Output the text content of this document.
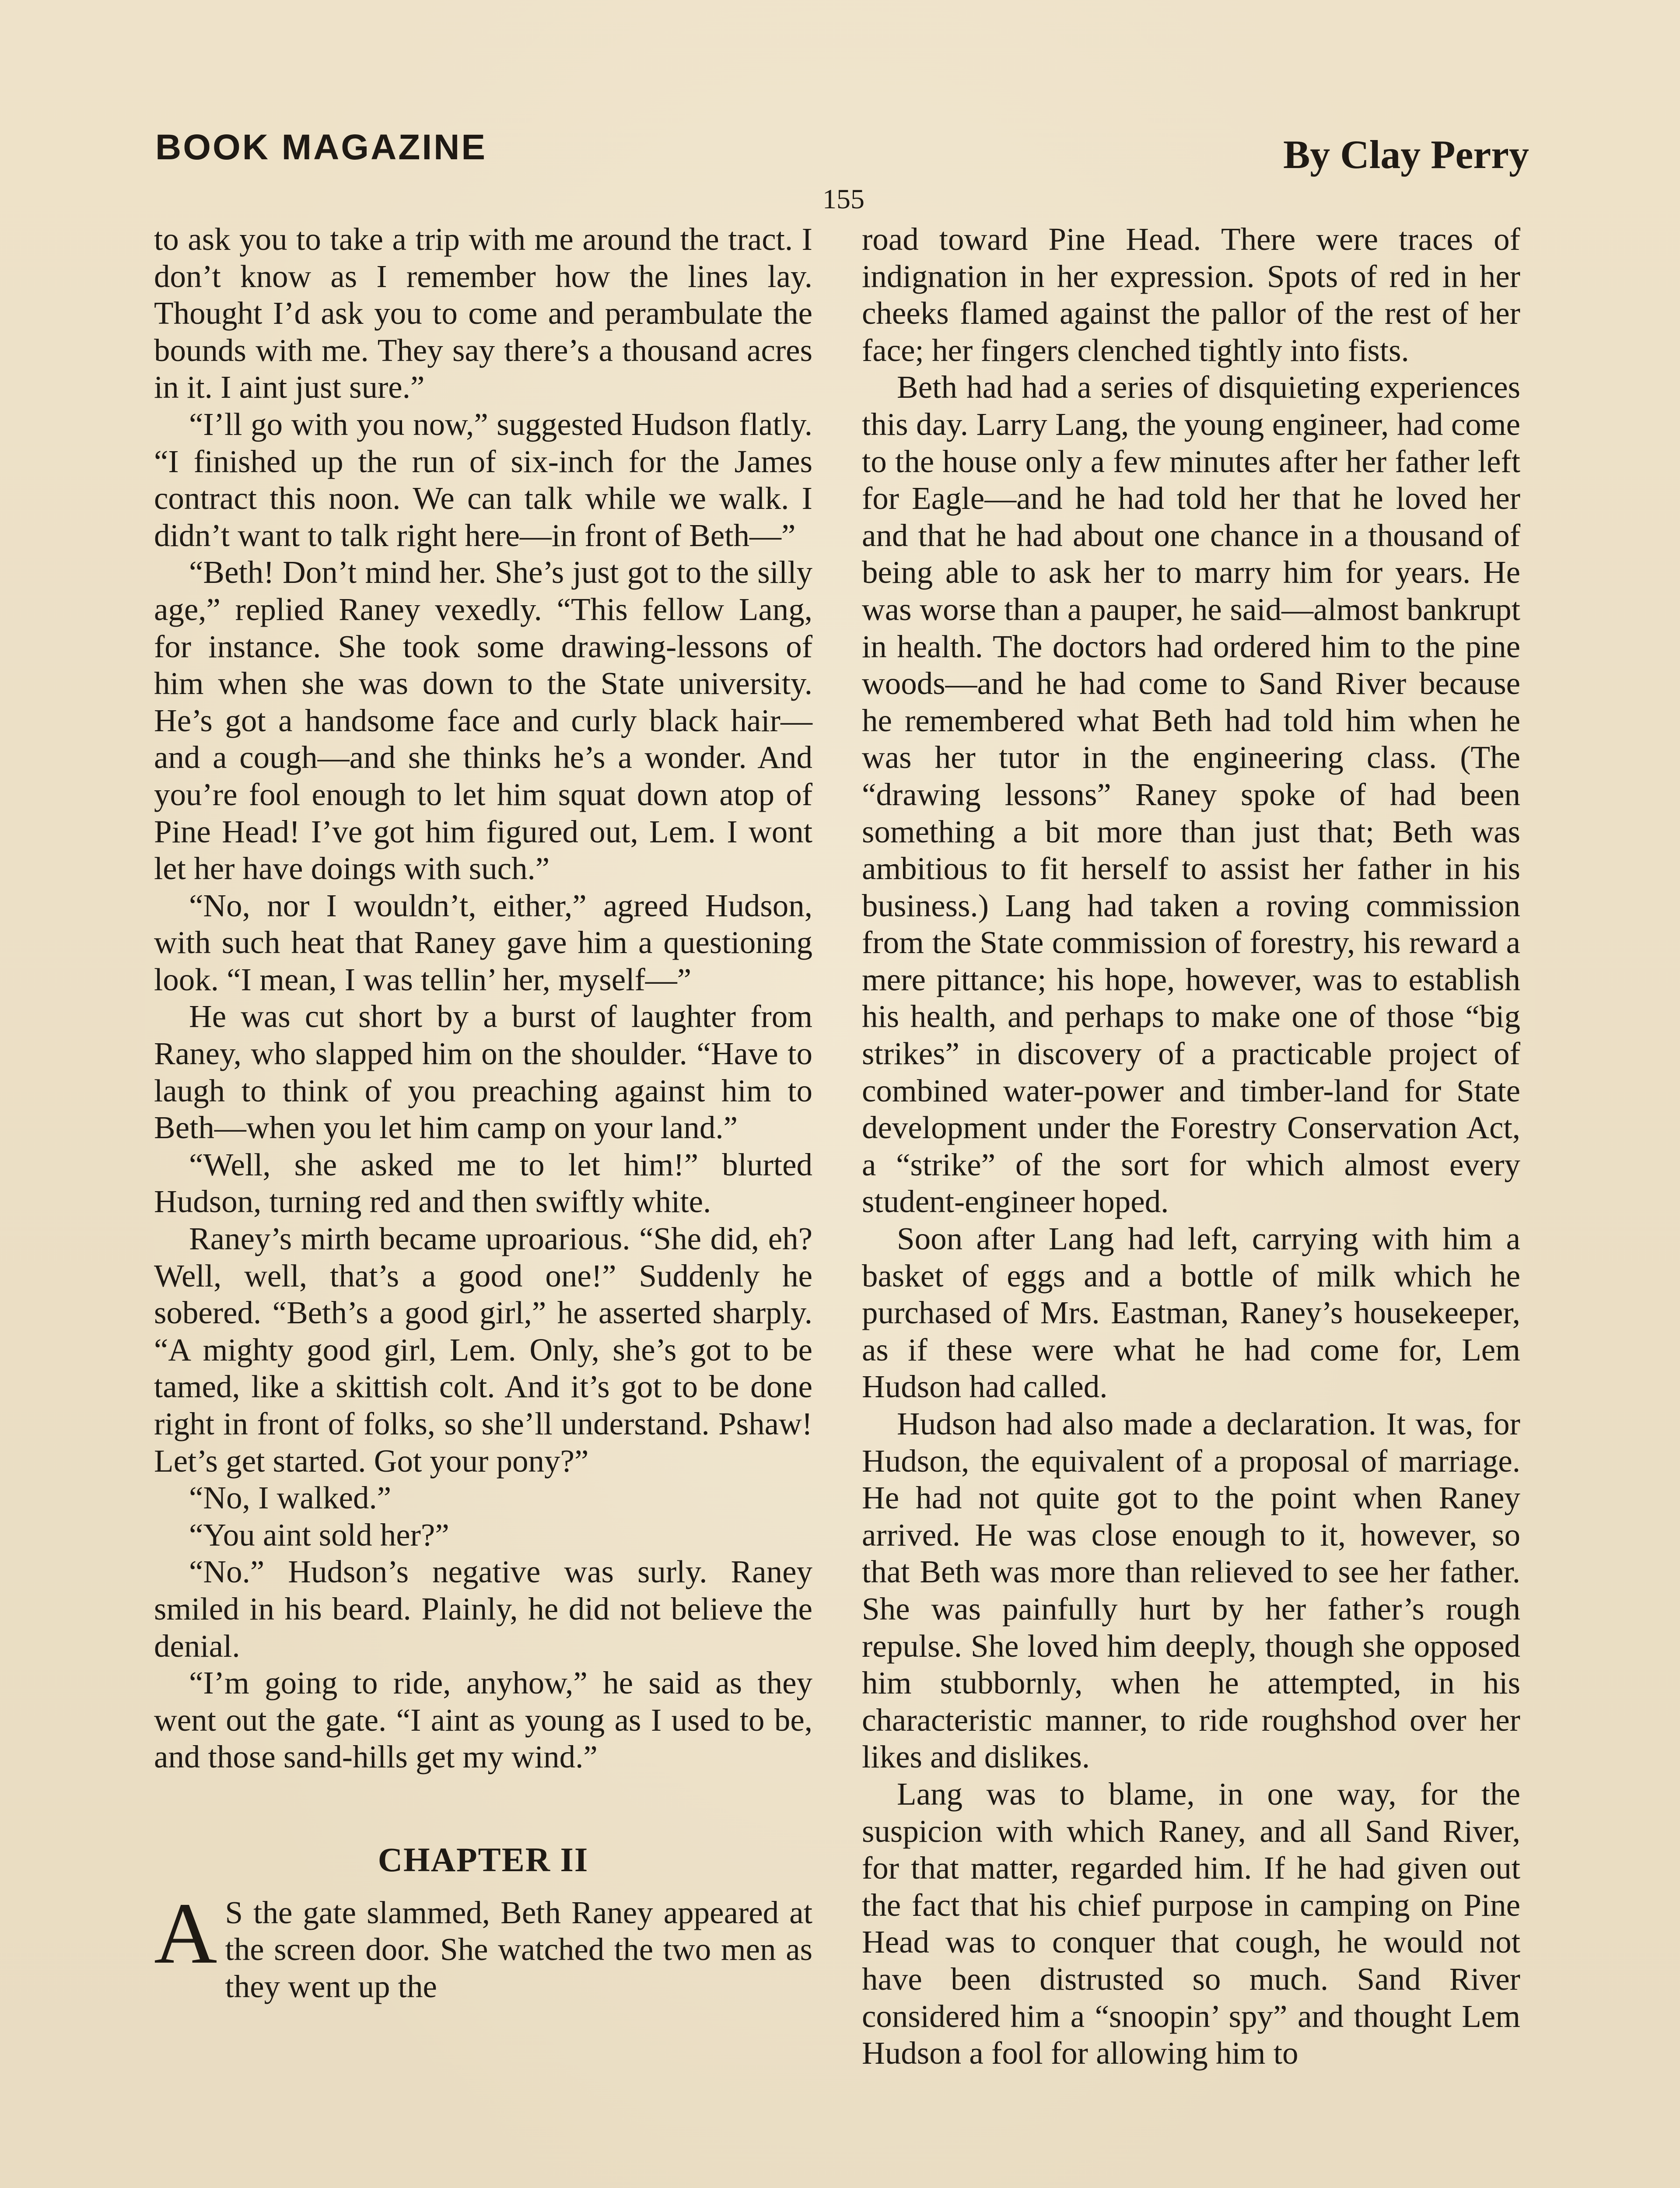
BOOK MAGAZINE	By Clay Perry
155

to ask you to take a trip with me around the tract. I don’t know as I remember how the lines lay. Thought I’d ask you to come and perambulate the bounds with me. They say there’s a thousand acres in it. I aint just sure.”

“I’ll go with you now,” suggested Hudson flatly. “I finished up the run of six-inch for the James contract this noon. We can talk while we walk. I didn’t want to talk right here—in front of Beth—”

“Beth! Don’t mind her. She’s just got to the silly age,” replied Raney vexedly. “This fellow Lang, for instance. She took some drawing-lessons of him when she was down to the State university. He’s got a handsome face and curly black hair—and a cough—and she thinks he’s a wonder. And you’re fool enough to let him squat down atop of Pine Head! I’ve got him figured out, Lem. I wont let her have doings with such.”

“No, nor I wouldn’t, either,” agreed Hudson, with such heat that Raney gave him a questioning look. “I mean, I was tellin’ her, myself—”

He was cut short by a burst of laughter from Raney, who slapped him on the shoulder. “Have to laugh to think of you preaching against him to Beth—when you let him camp on your land.”

“Well, she asked me to let him!” blurted Hudson, turning red and then swiftly white.

Raney’s mirth became uproarious. “She did, eh? Well, well, that’s a good one!” Suddenly he sobered. “Beth’s a good girl,” he asserted sharply. “A mighty good girl, Lem. Only, she’s got to be tamed, like a skittish colt. And it’s got to be done right in front of folks, so she’ll understand. Pshaw! Let’s get started. Got your pony?”

“No, I walked.”

“You aint sold her?”

“No.” Hudson’s negative was surly. Raney smiled in his beard. Plainly, he did not believe the denial.

“I’m going to ride, anyhow,” he said as they went out the gate. “I aint as young as I used to be, and those sand-hills get my wind.”

CHAPTER II

A S the gate slammed, Beth Raney appeared at the screen door. She watched the two men as they went up the

road toward Pine Head. There were traces of indignation in her expression. Spots of red in her cheeks flamed against the pallor of the rest of her face; her fingers clenched tightly into fists.

Beth had had a series of disquieting experiences this day. Larry Lang, the young engineer, had come to the house only a few minutes after her father left for Eagle—and he had told her that he loved her and that he had about one chance in a thousand of being able to ask her to marry him for years. He was worse than a pauper, he said—almost bankrupt in health. The doctors had ordered him to the pine woods—and he had come to Sand River because he remembered what Beth had told him when he was her tutor in the engineering class. (The “drawing lessons” Raney spoke of had been something a bit more than just that; Beth was ambitious to fit herself to assist her father in his business.) Lang had taken a roving commission from the State commission of forestry, his reward a mere pittance; his hope, however, was to establish his health, and perhaps to make one of those “big strikes” in discovery of a practicable project of combined water-power and timber-land for State development under the Forestry Conservation Act, a “strike” of the sort for which almost every student-engineer hoped.

Soon after Lang had left, carrying with him a basket of eggs and a bottle of milk which he purchased of Mrs. Eastman, Raney’s housekeeper, as if these were what he had come for, Lem Hudson had called.

Hudson had also made a declaration. It was, for Hudson, the equivalent of a proposal of marriage. He had not quite got to the point when Raney arrived. He was close enough to it, however, so that Beth was more than relieved to see her father. She was painfully hurt by her father’s rough repulse. She loved him deeply, though she opposed him stubbornly, when he attempted, in his characteristic manner, to ride roughshod over her likes and dislikes.

Lang was to blame, in one way, for the suspicion with which Raney, and all Sand River, for that matter, regarded him. If he had given out the fact that his chief purpose in camping on Pine Head was to conquer that cough, he would not have been distrusted so much. Sand River considered him a “snoopin’ spy” and thought Lem Hudson a fool for allowing him to
